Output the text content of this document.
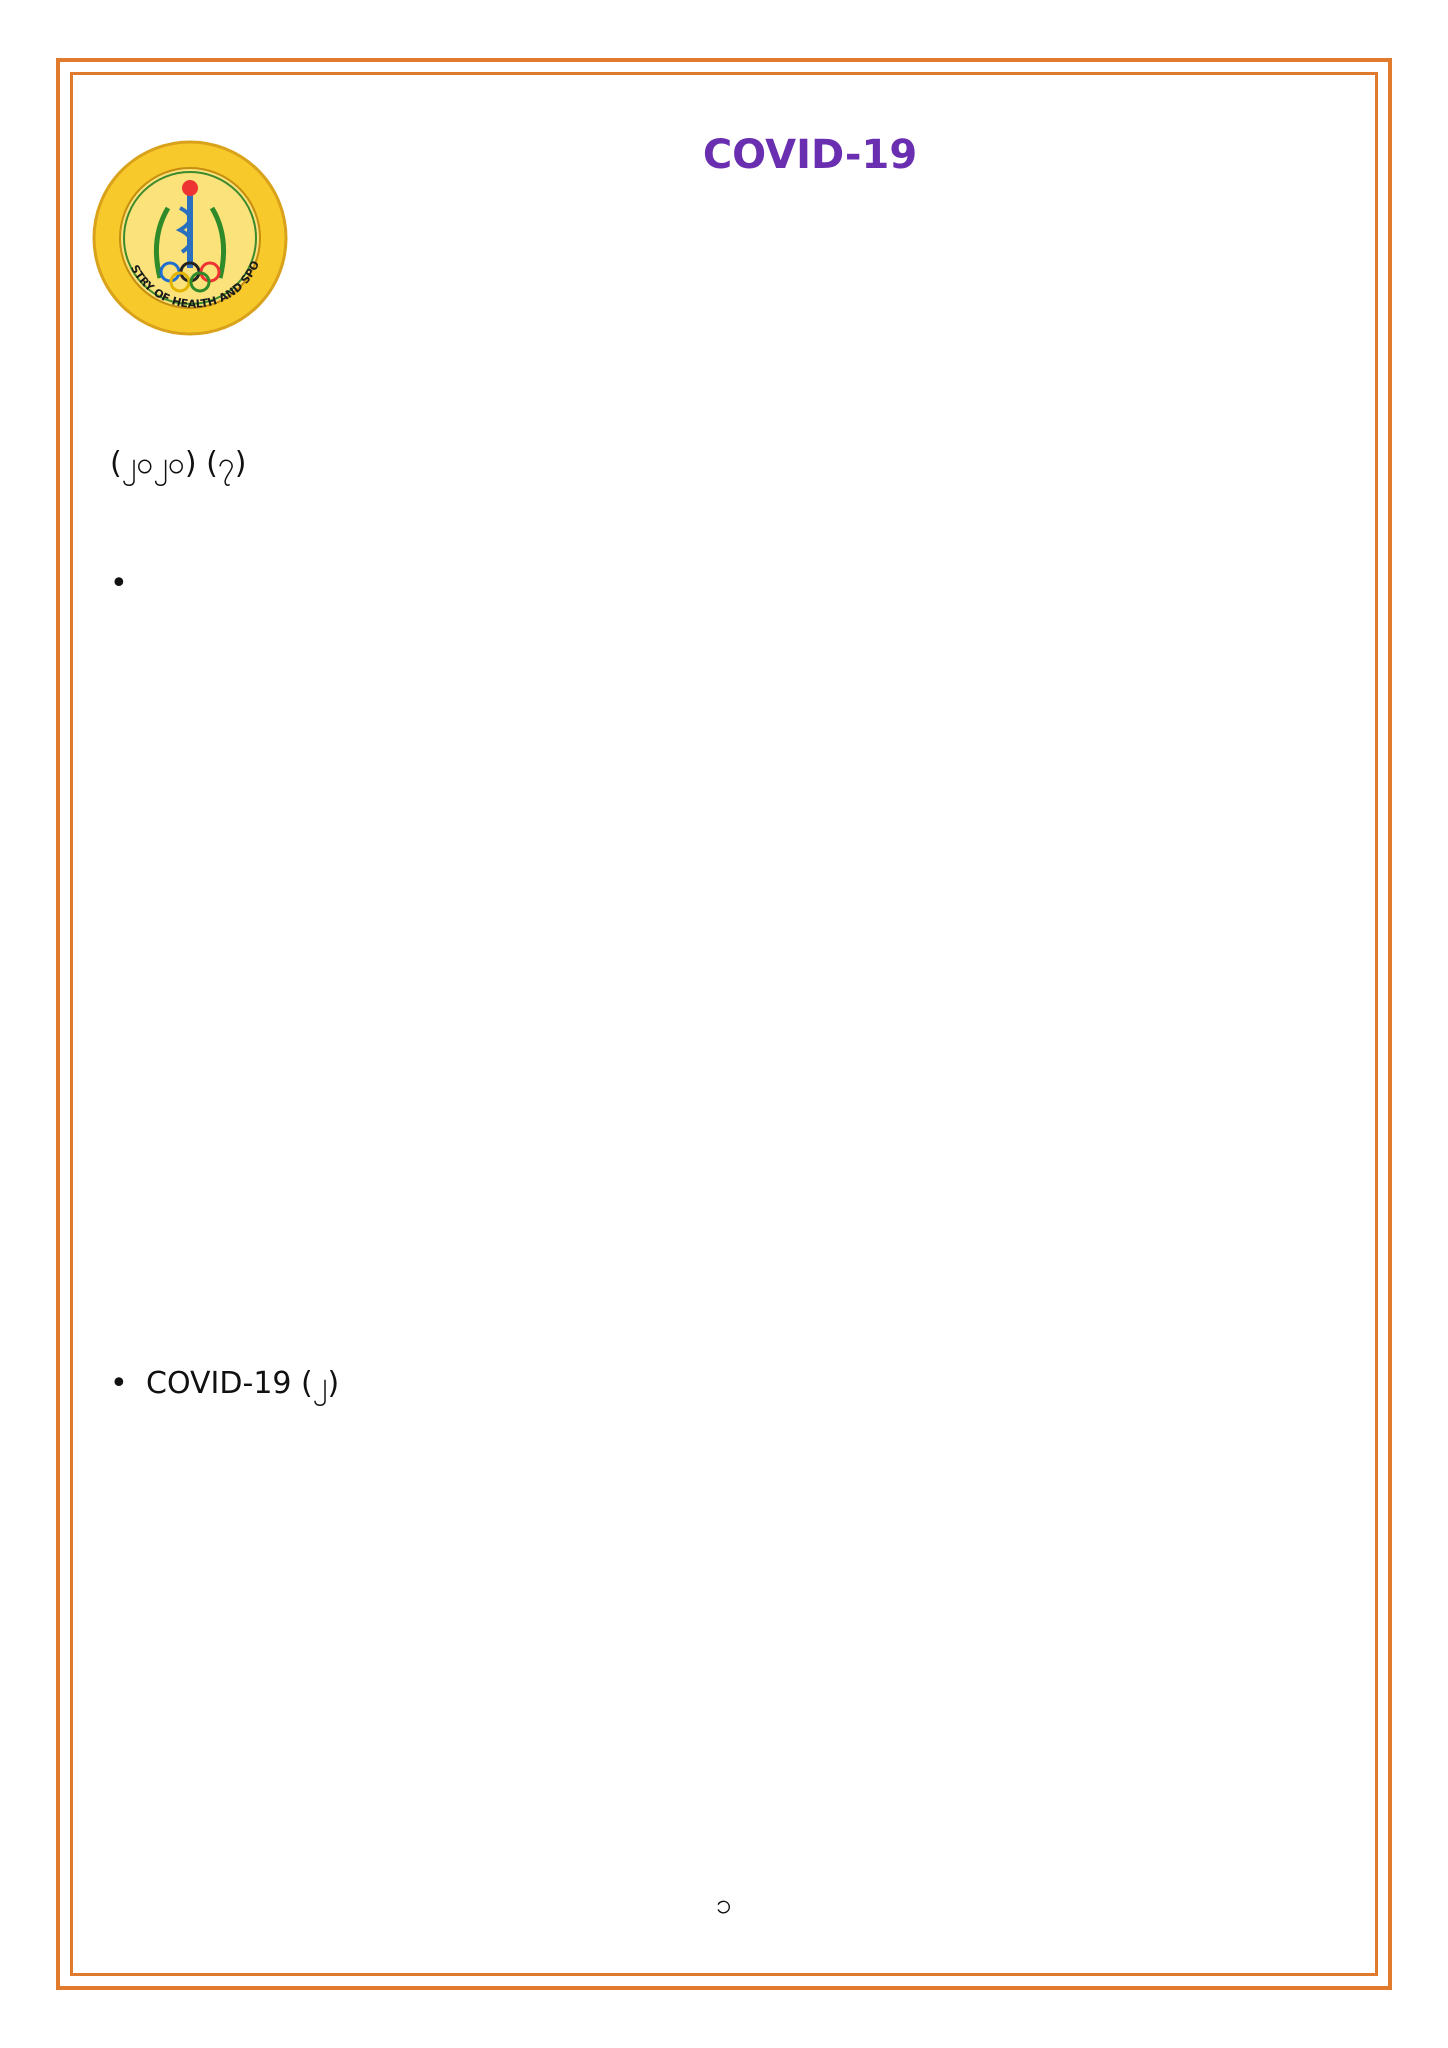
STRY OF HEALTH AND SPO
COVID-19
(၂၀၂၀) (၇)
•
• COVID-19 (၂)
၁
